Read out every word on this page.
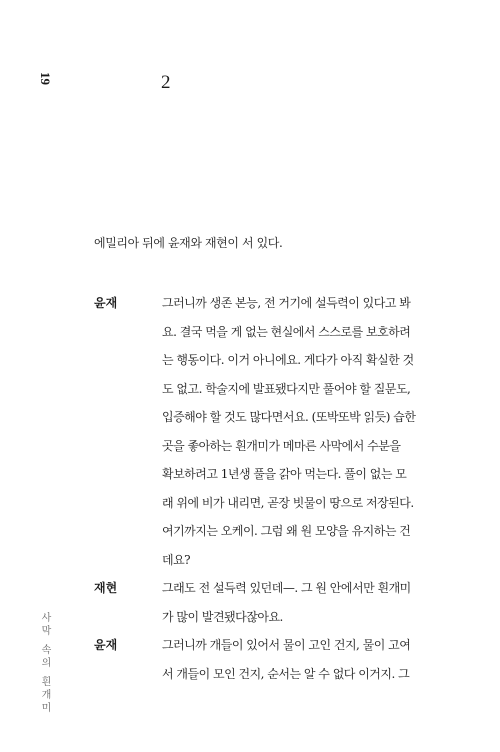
19
사막 속의 흰개미
2
에밀리아 뒤에 윤재와 재현이 서 있다.
윤재	그러니까 생존 본능, 전 거기에 설득력이 있다고 봐
요. 결국 먹을 게 없는 현실에서 스스로를 보호하려
는 행동이다. 이거 아니에요. 게다가 아직 확실한 것
도 없고. 학술지에 발표됐다지만 풀어야 할 질문도,
입증해야 할 것도 많다면서요. (또박또박 읽듯) 습한
곳을 좋아하는 흰개미가 메마른 사막에서 수분을
확보하려고 1년생 풀을 갉아 먹는다. 풀이 없는 모
래 위에 비가 내리면, 곧장 빗물이 땅으로 저장된다.
여기까지는 오케이. 그럼 왜 원 모양을 유지하는 건
데요?
재현	그래도 전 설득력 있던데—. 그 원 안에서만 흰개미
가 많이 발견됐다잖아요.
윤재	그러니까 개들이 있어서 물이 고인 건지, 물이 고여
서 개들이 모인 건지, 순서는 알 수 없다 이거지. 그
